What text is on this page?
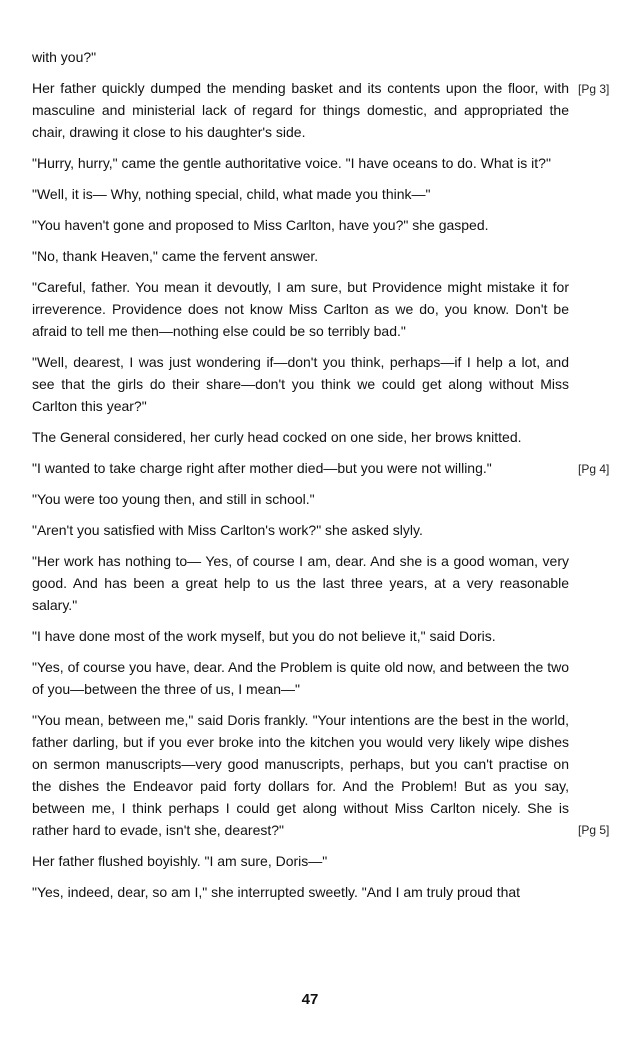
with you?"

Her father quickly dumped the mending basket and its contents upon the floor, with masculine and ministerial lack of regard for things domestic, and appropriated the chair, drawing it close to his daughter's side.
[Pg 3]

"Hurry, hurry," came the gentle authoritative voice. "I have oceans to do. What is it?"

"Well, it is— Why, nothing special, child, what made you think—"

"You haven't gone and proposed to Miss Carlton, have you?" she gasped.

"No, thank Heaven," came the fervent answer.

"Careful, father. You mean it devoutly, I am sure, but Providence might mistake it for irreverence. Providence does not know Miss Carlton as we do, you know. Don't be afraid to tell me then—nothing else could be so terribly bad."

"Well, dearest, I was just wondering if—don't you think, perhaps—if I help a lot, and see that the girls do their share—don't you think we could get along without Miss Carlton this year?"

The General considered, her curly head cocked on one side, her brows knitted.

"I wanted to take charge right after mother died—but you were not willing."	[Pg 4]

"You were too young then, and still in school."

"Aren't you satisfied with Miss Carlton's work?" she asked slyly.

"Her work has nothing to— Yes, of course I am, dear. And she is a good woman, very good. And has been a great help to us the last three years, at a very reasonable salary."

"I have done most of the work myself, but you do not believe it," said Doris.

"Yes, of course you have, dear. And the Problem is quite old now, and between the two of you—between the three of us, I mean—"

"You mean, between me," said Doris frankly. "Your intentions are the best in the world, father darling, but if you ever broke into the kitchen you would very likely wipe dishes on sermon manuscripts—very good manuscripts, perhaps, but you can't practise on the dishes the Endeavor paid forty dollars for. And the Problem! But as you say, between me, I think perhaps I could get along without Miss Carlton nicely. She is rather hard to evade, isn't she, dearest?"	[Pg 5]

Her father flushed boyishly. "I am sure, Doris—"

"Yes, indeed, dear, so am I," she interrupted sweetly. "And I am truly proud that

47
